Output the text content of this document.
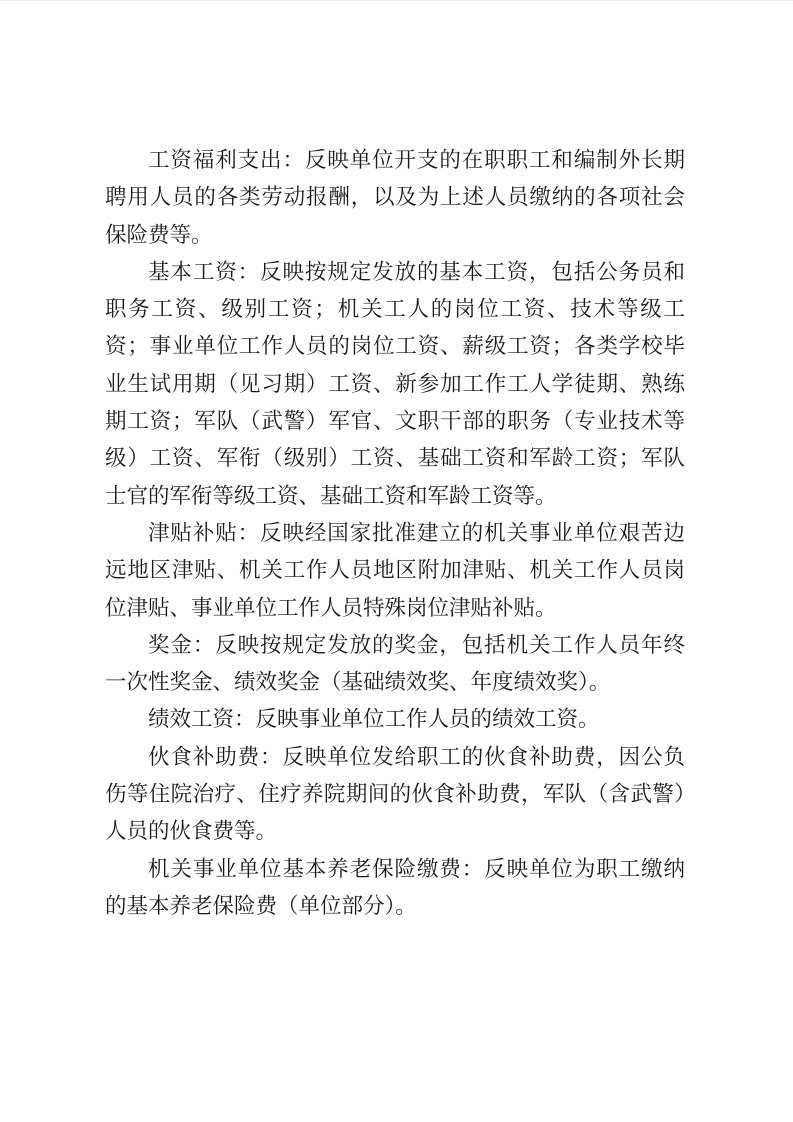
工资福利支出：反映单位开支的在职职工和编制外长期聘用人员的各类劳动报酬，以及为上述人员缴纳的各项社会保险费等。

基本工资：反映按规定发放的基本工资，包括公务员和职务工资、级别工资；机关工人的岗位工资、技术等级工资；事业单位工作人员的岗位工资、薪级工资；各类学校毕业生试用期（见习期）工资、新参加工作工人学徒期、熟练期工资；军队（武警）军官、文职干部的职务（专业技术等级）工资、军衔（级别）工资、基础工资和军龄工资；军队士官的军衔等级工资、基础工资和军龄工资等。

津贴补贴：反映经国家批准建立的机关事业单位艰苦边远地区津贴、机关工作人员地区附加津贴、机关工作人员岗位津贴、事业单位工作人员特殊岗位津贴补贴。

奖金：反映按规定发放的奖金，包括机关工作人员年终一次性奖金、绩效奖金（基础绩效奖、年度绩效奖）。

绩效工资：反映事业单位工作人员的绩效工资。

伙食补助费：反映单位发给职工的伙食补助费，因公负伤等住院治疗、住疗养院期间的伙食补助费，军队（含武警）人员的伙食费等。

机关事业单位基本养老保险缴费：反映单位为职工缴纳的基本养老保险费（单位部分）。
